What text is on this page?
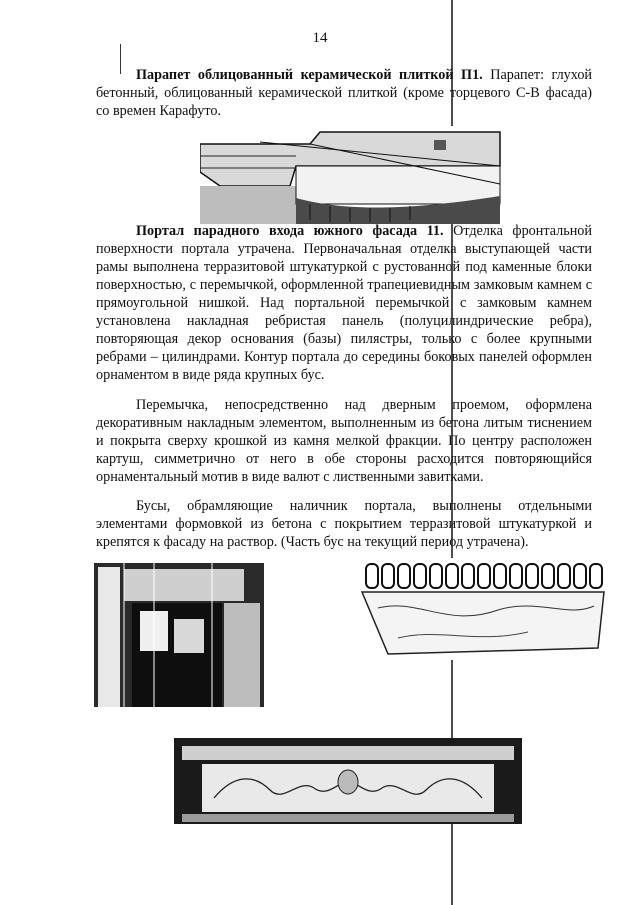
14

Парапет облицованный керамической плиткой П1. Парапет: глухой бетонный, облицованный керамической плиткой (кроме торцевого С-В фасада) со времен Карафуто.

Портал парадного входа южного фасада 11. Отделка фронтальной поверхности портала утрачена. Первоначальная отделка выступающей части рамы выполнена терразитовой штукатуркой с рустованной под каменные блоки поверхностью, с перемычкой, оформленной трапециевидным замковым камнем с прямоугольной нишкой. Над портальной перемычкой с замковым камнем установлена накладная ребристая панель (полуцилиндрические ребра), повторяющая декор основания (базы) пилястры, только с более крупными ребрами – цилиндрами. Контур портала до середины боковых панелей оформлен орнаментом в виде ряда крупных бус.

Перемычка, непосредственно над дверным проемом, оформлена декоративным накладным элементом, выполненным из бетона литым тиснением и покрыта сверху крошкой из камня мелкой фракции. По центру расположен картуш, симметрично от него в обе стороны расходится повторяющийся орнаментальный мотив в виде валют с лиственными завитками.

Бусы, обрамляющие наличник портала, выполнены отдельными элементами формовкой из бетона с покрытием терразитовой штукатуркой и крепятся к фасаду на раствор. (Часть бус на текущий период утрачена).
